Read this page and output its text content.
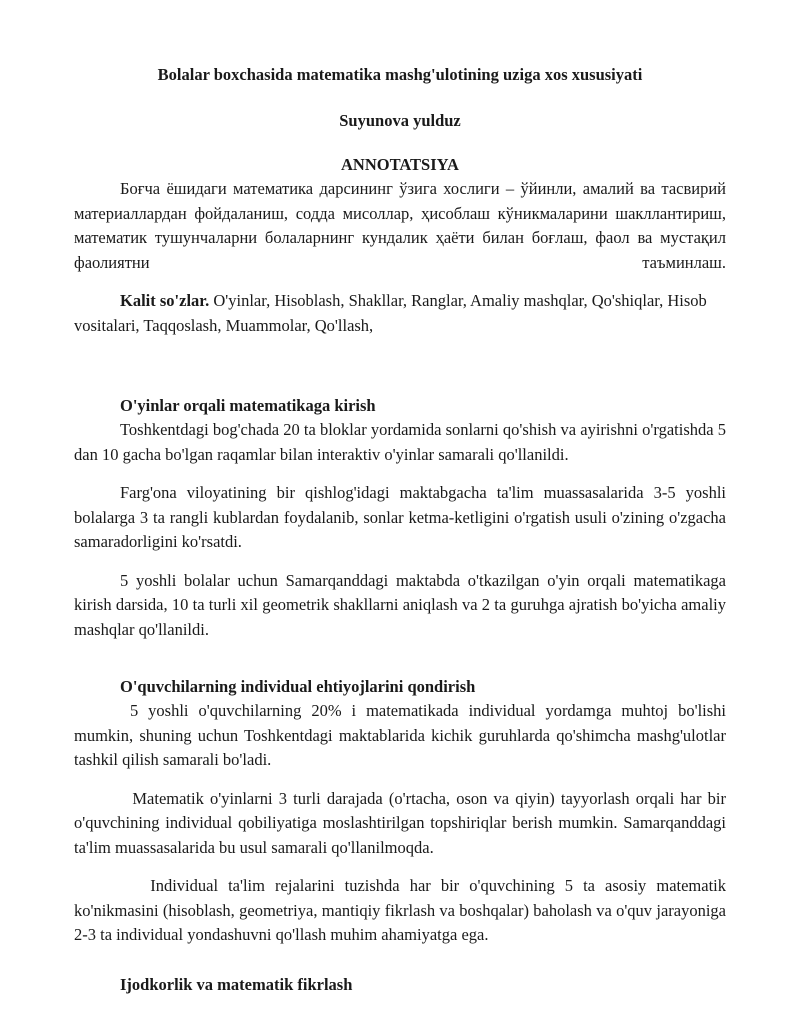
Bolalar boxchasida matematika mashg'ulotining uziga xos xususiyati
Suyunova yulduz
ANNOTATSIYA

Боғча ёшидаги математика дарсининг ўзига хослиги – ўйинли, амалий ва тасвирий материаллардан фойдаланиш, содда мисоллар, ҳисоблаш кўникмаларини шакллантириш, математик тушунчаларни болаларнинг кундалик ҳаёти билан боғлаш, фаол ва мустақил фаолиятни таъминлаш.

Kalit so'zlar. O'yinlar, Hisoblash, Shakllar, Ranglar, Amaliy mashqlar, Qo'shiqlar, Hisob vositalari, Taqqoslash, Muammolar, Qo'llash,

O'yinlar orqali matematikaga kirish

Toshkentdagi bog'chada 20 ta bloklar yordamida sonlarni qo'shish va ayirishni o'rgatishda 5 dan 10 gacha bo'lgan raqamlar bilan interaktiv o'yinlar samarali qo'llanildi.

Farg'ona viloyatining bir qishlog'idagi maktabgacha ta'lim muassasalarida 3-5 yoshli bolalarga 3 ta rangli kublardan foydalanib, sonlar ketma-ketligini o'rgatish usuli o'zining o'zgacha samaradorligini ko'rsatdi.

5 yoshli bolalar uchun Samarqanddagi maktabda o'tkazilgan o'yin orqali matematikaga kirish darsida, 10 ta turli xil geometrik shakllarni aniqlash va 2 ta guruhga ajratish bo'yicha amaliy mashqlar qo'llanildi.

O'quvchilarning individual ehtiyojlarini qondirish

5 yoshli o'quvchilarning 20% i matematikada individual yordamga muhtoj bo'lishi mumkin, shuning uchun Toshkentdagi maktablarida kichik guruhlarda qo'shimcha mashg'ulotlar tashkil qilish samarali bo'ladi.

Matematik o'yinlarni 3 turli darajada (o'rtacha, oson va qiyin) tayyorlash orqali har bir o'quvchining individual qobiliyatiga moslashtirilgan topshiriqlar berish mumkin. Samarqanddagi ta'lim muassasalarida bu usul samarali qo'llanilmoqda.

Individual ta'lim rejalarini tuzishda har bir o'quvchining 5 ta asosiy matematik ko'nikmasini (hisoblash, geometriya, mantiqiy fikrlash va boshqalar) baholash va o'quv jarayoniga 2-3 ta individual yondashuvni qo'llash muhim ahamiyatga ega.

Ijodkorlik va matematik fikrlash
